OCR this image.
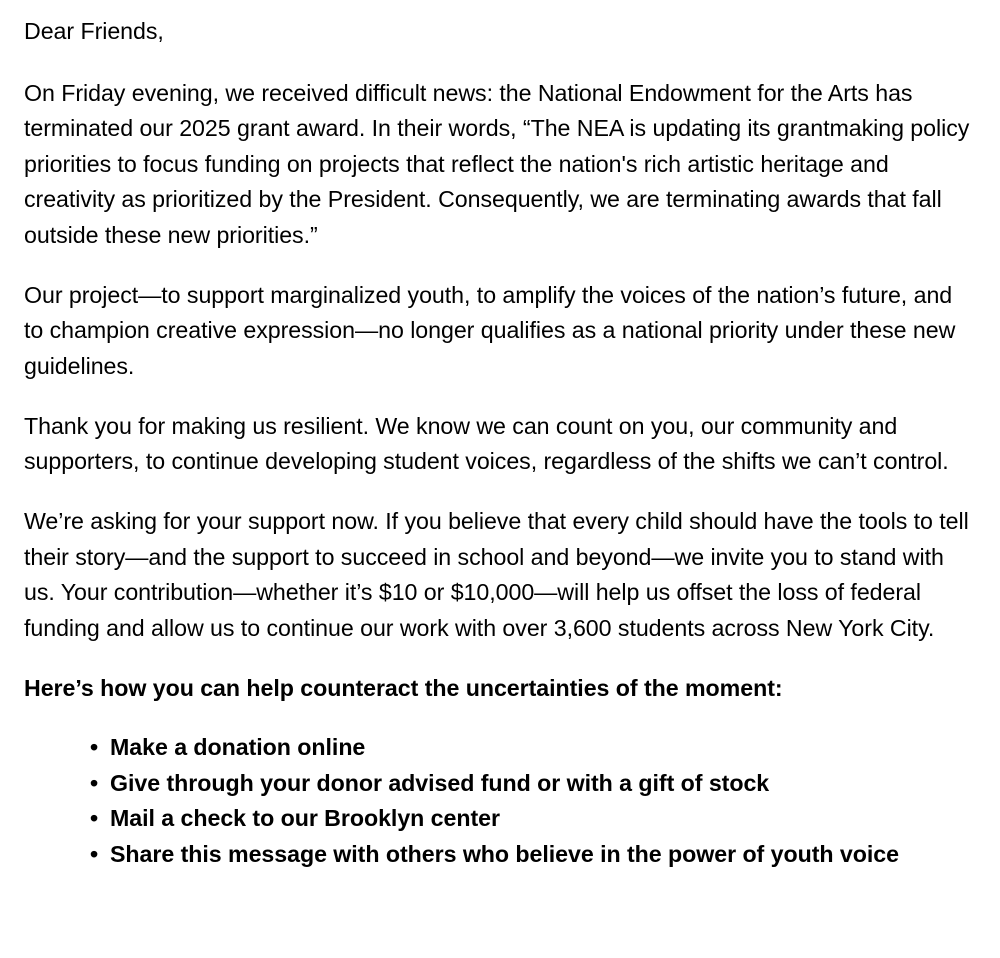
Dear Friends,

On Friday evening, we received difficult news: the National Endowment for the Arts has terminated our 2025 grant award. In their words, “The NEA is updating its grantmaking policy priorities to focus funding on projects that reflect the nation's rich artistic heritage and creativity as prioritized by the President. Consequently, we are terminating awards that fall outside these new priorities.”

Our project—to support marginalized youth, to amplify the voices of the nation’s future, and to champion creative expression—no longer qualifies as a national priority under these new guidelines.

Thank you for making us resilient. We know we can count on you, our community and supporters, to continue developing student voices, regardless of the shifts we can’t control.

We’re asking for your support now. If you believe that every child should have the tools to tell their story—and the support to succeed in school and beyond—we invite you to stand with us. Your contribution—whether it’s $10 or $10,000—will help us offset the loss of federal funding and allow us to continue our work with over 3,600 students across New York City.

Here’s how you can help counteract the uncertainties of the moment:

• Make a donation online
• Give through your donor advised fund or with a gift of stock
• Mail a check to our Brooklyn center
• Share this message with others who believe in the power of youth voice
